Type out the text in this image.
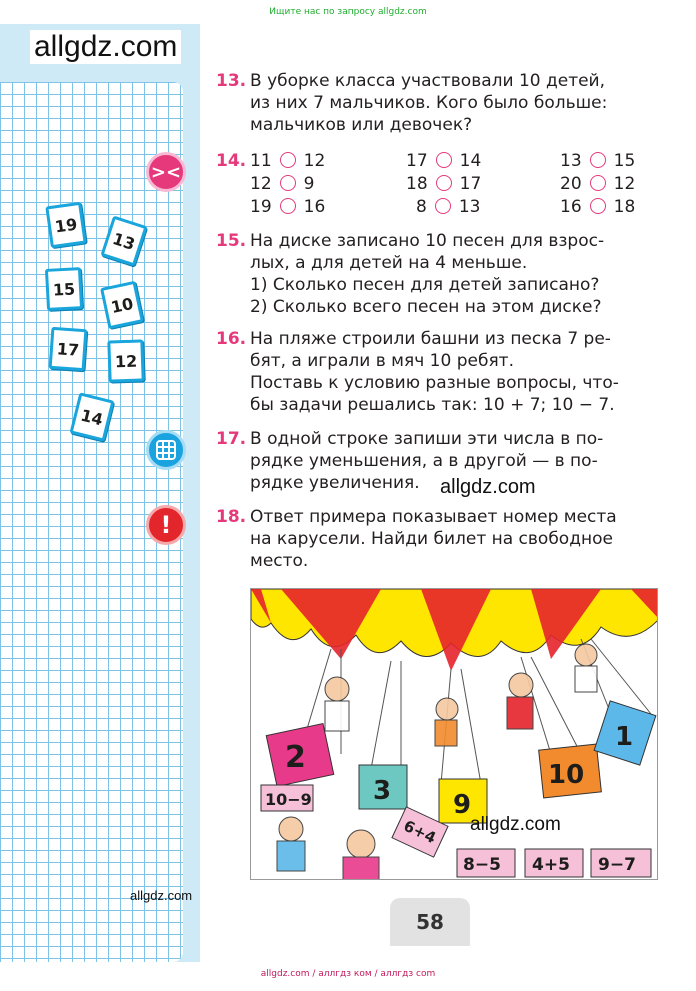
Ищите нас по запросу allgdz.com
allgdz.com
19
13
15
10
17
12
14
><
!
allgdz.com
13. В уборке класса участвовали 10 детей,
из них 7 мальчиков. Кого было больше:
мальчиков или девочек?
14. 11 12	17 14	13 15
12 9	18 17	20 12
19 16	8 13	16 18
15. На диске записано 10 песен для взрос-
лых, а для детей на 4 меньше.
1) Сколько песен для детей записано?
2) Сколько всего песен на этом диске?
16. На пляже строили башни из песка 7 ре-
бят, а играли в мяч 10 ребят.
Поставь к условию разные вопросы, что-
бы задачи решались так: 10 + 7; 10 − 7.
17. В одной строке запиши эти числа в по-
рядке уменьшения, а в другой — в по-
рядке увеличения.
18. Ответ примера показывает номер места
на карусели. Найди билет на свободное
место.
allgdz.com
2
3 9
10
1
10−9
6+4
8−5 4+5 9−7
allgdz.com
58
allgdz.com / аллгдз ком / аллгдз com
